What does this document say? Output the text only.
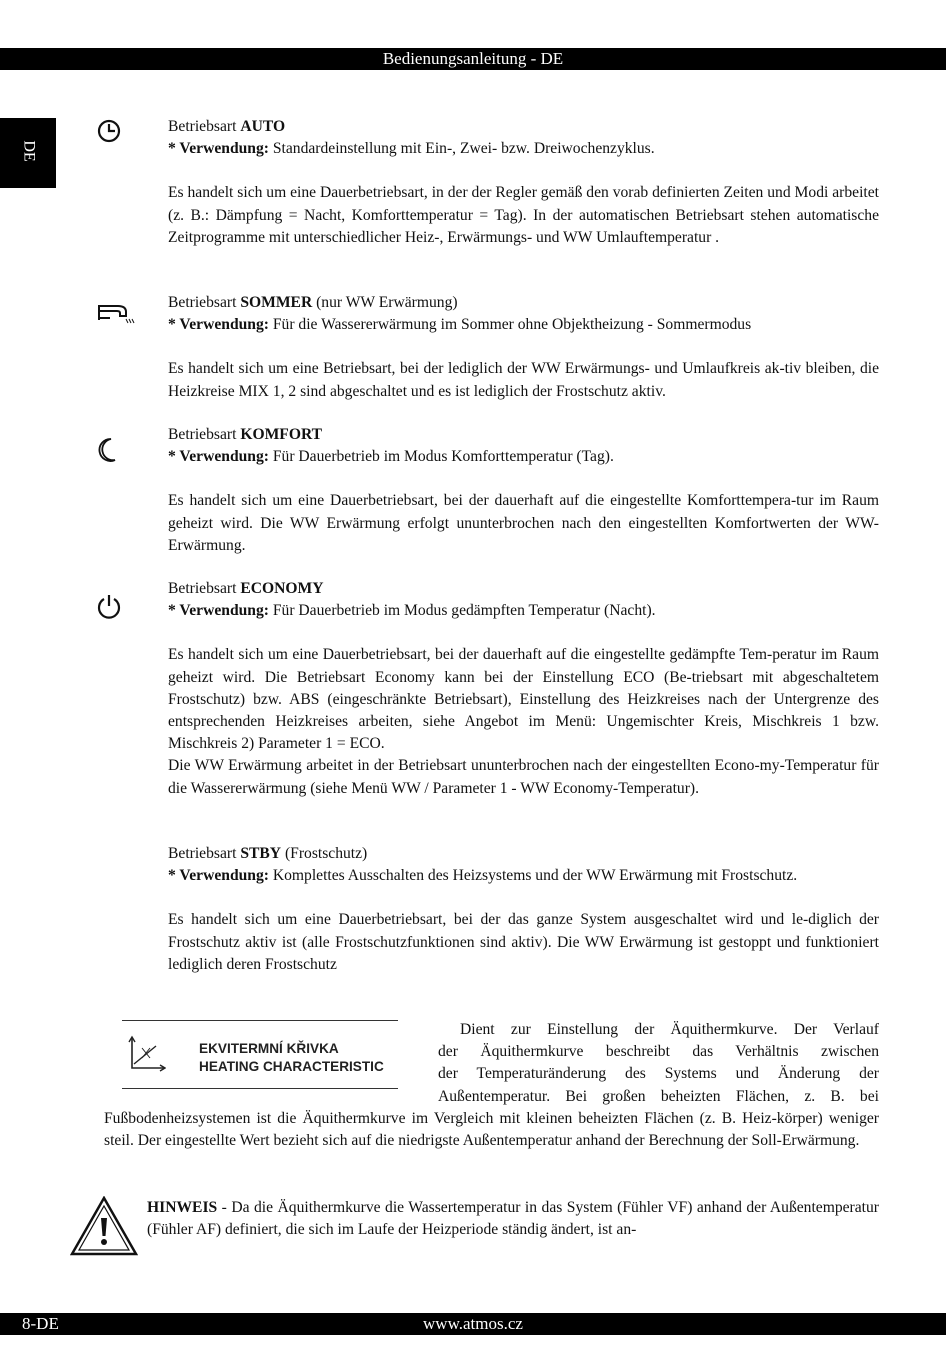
Bedienungsanleitung - DE
DE

Betriebsart AUTO

* Verwendung: Standardeinstellung mit Ein-, Zwei- bzw. Dreiwochenzyklus.

Es handelt sich um eine Dauerbetriebsart, in der der Regler gemäß den vorab definierten Zeiten und Modi arbeitet (z. B.: Dämpfung = Nacht, Komforttemperatur = Tag). In der automatischen Betriebsart stehen automatische Zeitprogramme mit unterschiedlicher Heiz-, Erwärmungs- und WW Umlauftemperatur .

Betriebsart SOMMER (nur WW Erwärmung)

* Verwendung: Für die Wassererwärmung im Sommer ohne Objektheizung - Sommermodus

Es handelt sich um eine Betriebsart, bei der lediglich der WW Erwärmungs- und Umlaufkreis ak-tiv bleiben, die Heizkreise MIX 1, 2 sind abgeschaltet und es ist lediglich der Frostschutz aktiv.

Betriebsart KOMFORT

* Verwendung: Für Dauerbetrieb im Modus Komforttemperatur (Tag).

Es handelt sich um eine Dauerbetriebsart, bei der dauerhaft auf die eingestellte Komforttempera-tur im Raum geheizt wird. Die WW Erwärmung erfolgt ununterbrochen nach den eingestellten Komfortwerten der WW-Erwärmung.

Betriebsart ECONOMY

* Verwendung: Für Dauerbetrieb im Modus gedämpften Temperatur (Nacht).

Es handelt sich um eine Dauerbetriebsart, bei der dauerhaft auf die eingestellte gedämpfte Tem-peratur im Raum geheizt wird. Die Betriebsart Economy kann bei der Einstellung ECO (Be-triebsart mit abgeschaltetem Frostschutz) bzw. ABS (eingeschränkte Betriebsart), Einstellung des Heizkreises nach der Untergrenze des entsprechenden Heizkreises arbeiten, siehe Angebot im Menü: Ungemischter Kreis, Mischkreis 1 bzw. Mischkreis 2) Parameter 1 = ECO.

Die WW Erwärmung arbeitet in der Betriebsart ununterbrochen nach der eingestellten Econo-my-Temperatur für die Wassererwärmung (siehe Menü WW / Parameter 1 - WW Economy-Temperatur).

Betriebsart STBY (Frostschutz)

* Verwendung: Komplettes Ausschalten des Heizsystems und der WW Erwärmung mit Frostschutz.

Es handelt sich um eine Dauerbetriebsart, bei der das ganze System ausgeschaltet wird und le-diglich der Frostschutz aktiv ist (alle Frostschutzfunktionen sind aktiv). Die WW Erwärmung ist gestoppt und funktioniert lediglich deren Frostschutz

EKVITERMNÍ KŘIVKA
HEATING CHARACTERISTIC

Dient zur Einstellung der Äquithermkurve. Der Verlauf

der Äquithermkurve beschreibt das Verhältnis zwischen

der Temperaturänderung des Systems und Änderung der

Außentemperatur. Bei großen beheizten Flächen, z. B. bei

Fußbodenheizsystemen ist die Äquithermkurve im Vergleich mit kleinen beheizten Flächen (z. B. Heiz-körper) weniger steil. Der eingestellte Wert bezieht sich auf die niedrigste Außentemperatur anhand der Berechnung der Soll-Erwärmung.

HINWEIS - Da die Äquithermkurve die Wassertemperatur in das System (Fühler VF) anhand der Außentemperatur (Fühler AF) definiert, die sich im Laufe der Heizperiode ständig ändert, ist an-

www.atmos.cz
8-DE
